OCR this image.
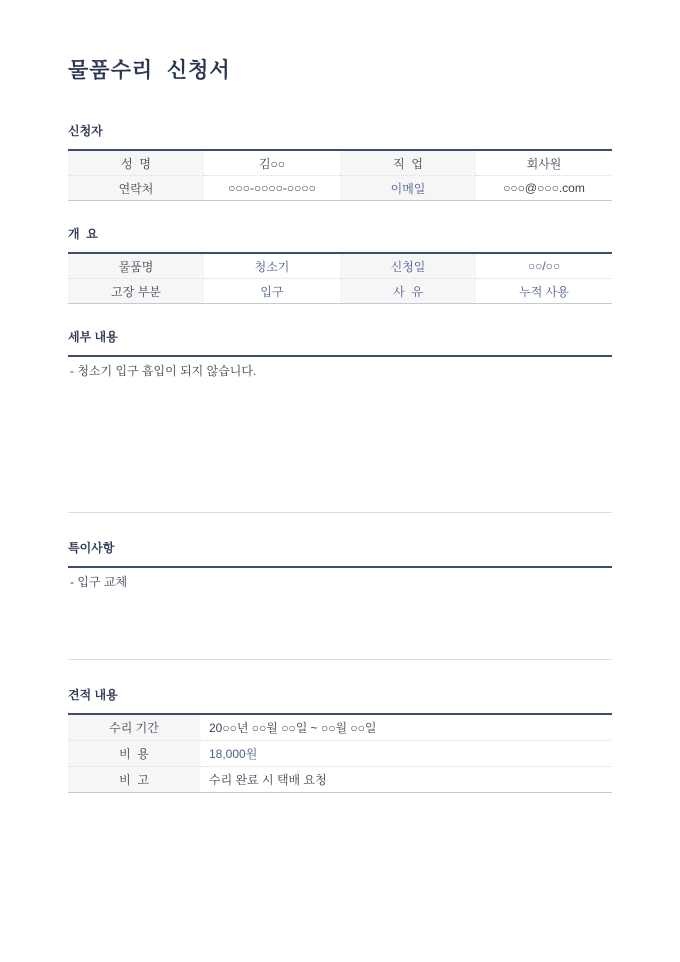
물품수리  신청서
신청자
성  명	김○○	직  업	회사원
연락처	○○○-○○○○-○○○○	이메일	○○○@○○○.com
개  요
물품명	청소기	신청일	○○/○○
고장 부분	입구	사  유	누적 사용
세부 내용
- 청소기 입구 흡입이 되지 않습니다.
특이사항
- 입구 교체
견적 내용
수리 기간	20○○년 ○○월 ○○일 ~ ○○월 ○○일
비  용	18,000원
비  고	수리 완료 시 택배 요청
